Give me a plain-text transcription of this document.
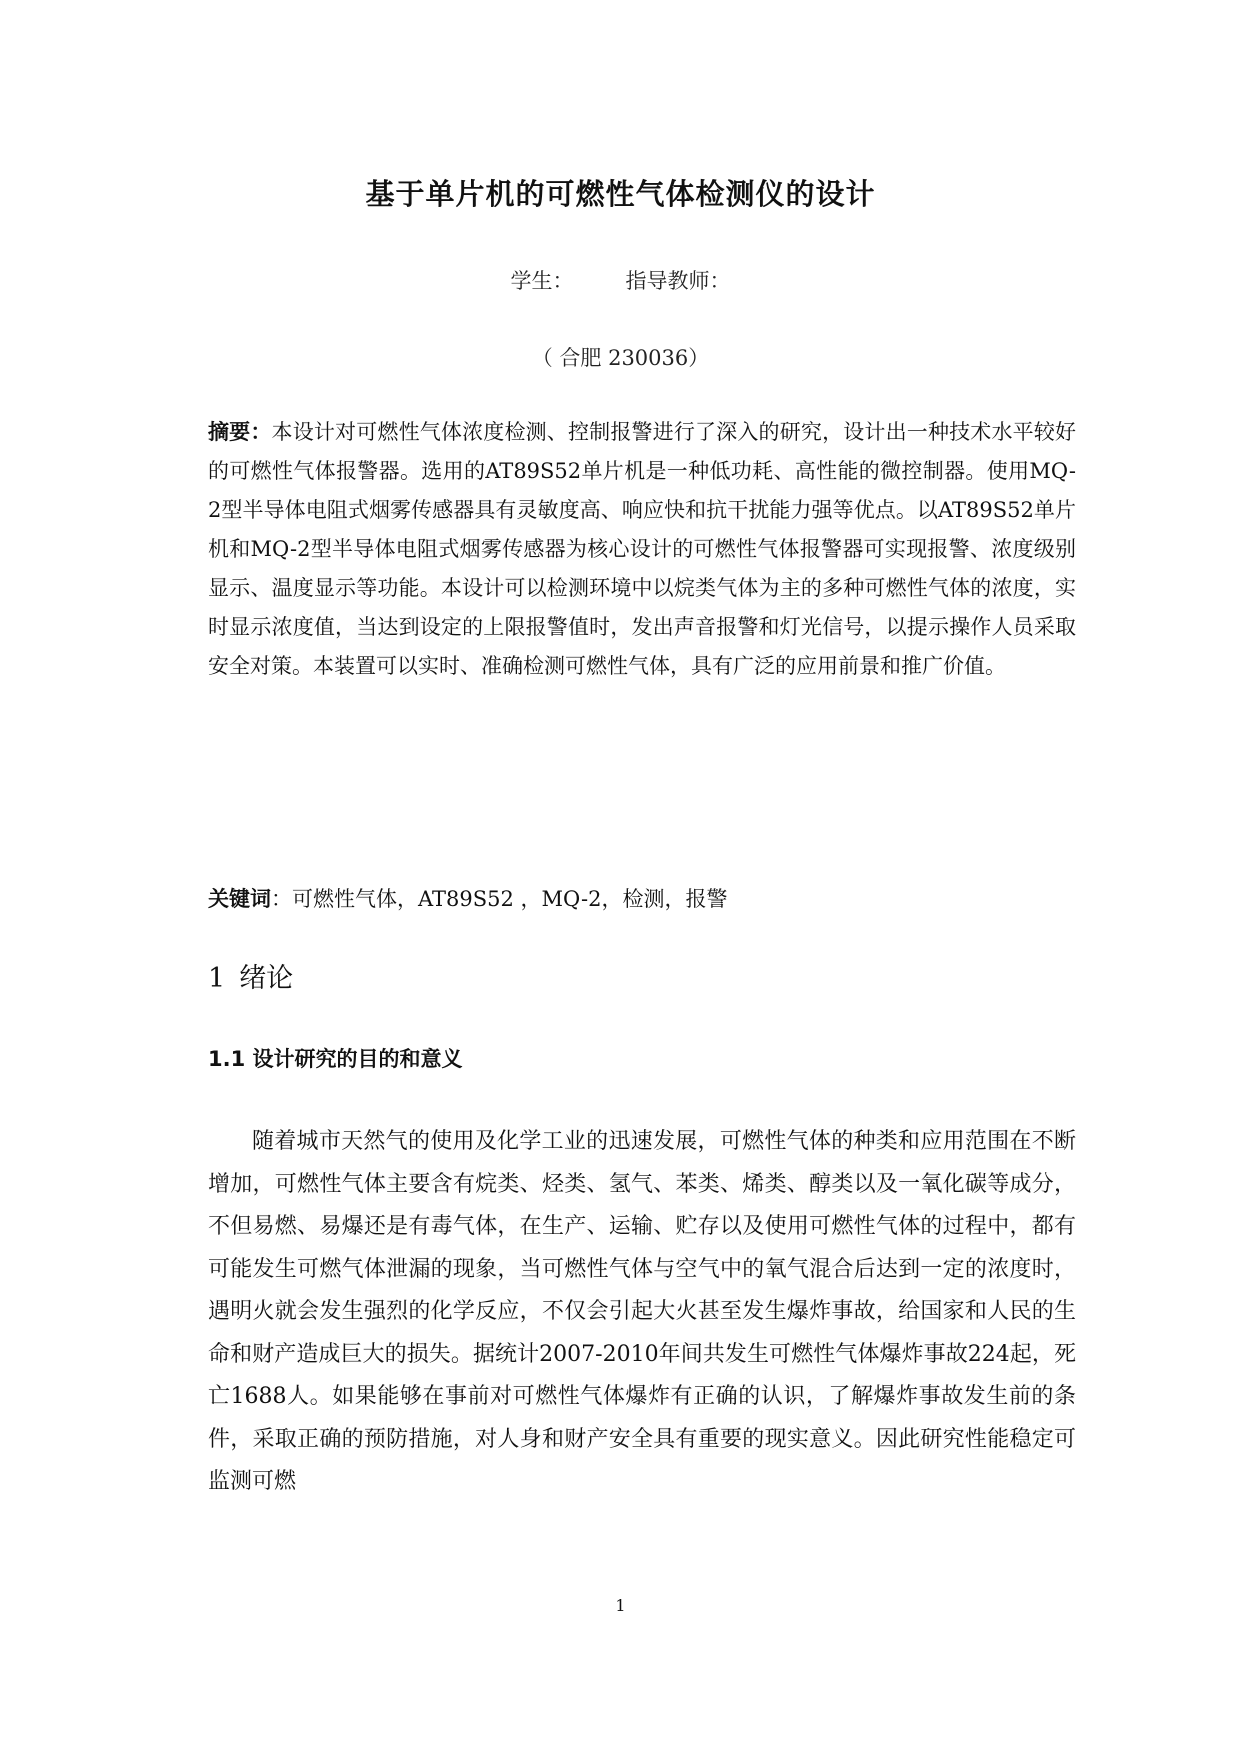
基于单片机的可燃性气体检测仪的设计
学生： 指导教师：
（ 合肥 230036）
摘要：本设计对可燃性气体浓度检测、控制报警进行了深入的研究，设计出一种技术水平较好的可燃性气体报警器。选用的AT89S52单片机是一种低功耗、高性能的微控制器。使用MQ-2型半导体电阻式烟雾传感器具有灵敏度高、响应快和抗干扰能力强等优点。以AT89S52单片机和MQ-2型半导体电阻式烟雾传感器为核心设计的可燃性气体报警器可实现报警、浓度级别显示、温度显示等功能。本设计可以检测环境中以烷类气体为主的多种可燃性气体的浓度，实时显示浓度值，当达到设定的上限报警值时，发出声音报警和灯光信号，以提示操作人员采取安全对策。本装置可以实时、准确检测可燃性气体，具有广泛的应用前景和推广价值。
关键词：可燃性气体，AT89S52 ，MQ-2，检测，报警
1 绪论
1.1 设计研究的目的和意义
随着城市天然气的使用及化学工业的迅速发展，可燃性气体的种类和应用范围在不断增加，可燃性气体主要含有烷类、烃类、氢气、苯类、烯类、醇类以及一氧化碳等成分，不但易燃、易爆还是有毒气体，在生产、运输、贮存以及使用可燃性气体的过程中，都有可能发生可燃气体泄漏的现象，当可燃性气体与空气中的氧气混合后达到一定的浓度时，遇明火就会发生强烈的化学反应，不仅会引起大火甚至发生爆炸事故，给国家和人民的生命和财产造成巨大的损失。据统计2007-2010年间共发生可燃性气体爆炸事故224起，死亡1688人。如果能够在事前对可燃性气体爆炸有正确的认识，了解爆炸事故发生前的条件，采取正确的预防措施，对人身和财产安全具有重要的现实意义。因此研究性能稳定可监测可燃
1
